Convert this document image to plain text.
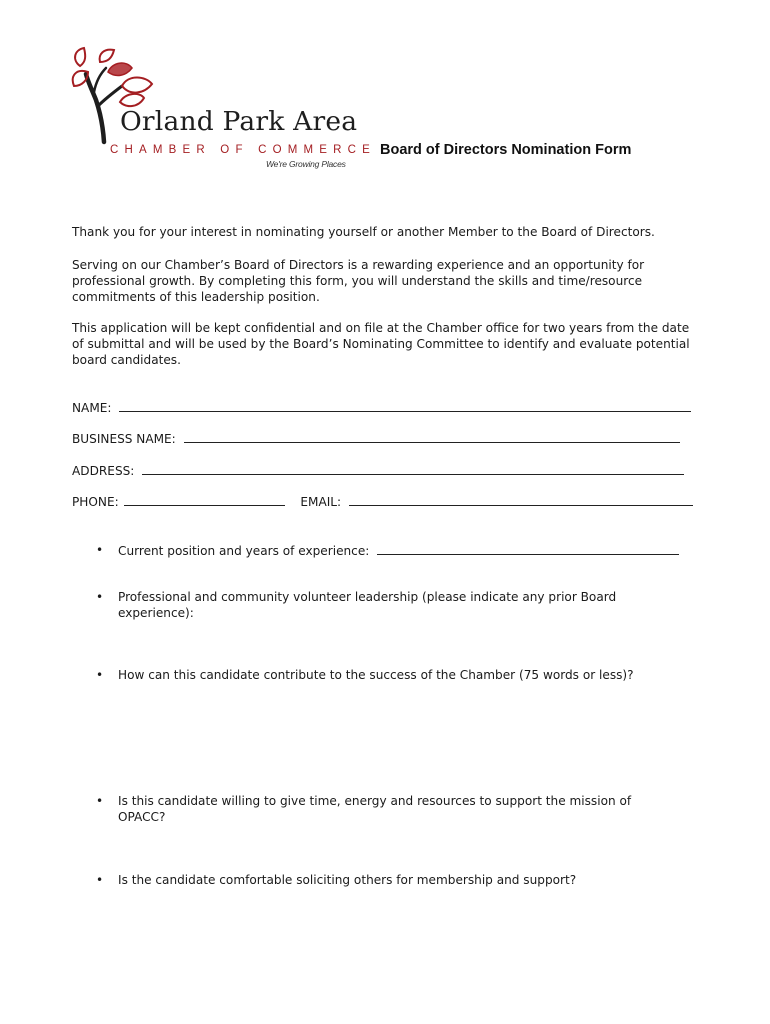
Orland Park Area
CHAMBER OF COMMERCE
We're Growing Places
Board of Directors Nomination Form
Thank you for your interest in nominating yourself or another Member to the Board of Directors.
Serving on our Chamber’s Board of Directors is a rewarding experience and an opportunity for professional growth. By completing this form, you will understand the skills and time/resource commitments of this leadership position.
This application will be kept confidential and on file at the Chamber office for two years from the date of submittal and will be used by the Board’s Nominating Committee to identify and evaluate potential board candidates.
NAME:
BUSINESS NAME:
ADDRESS:
PHONE:	EMAIL:
• Current position and years of experience:
• Professional and community volunteer leadership (please indicate any prior Board experience):
• How can this candidate contribute to the success of the Chamber (75 words or less)?
• Is this candidate willing to give time, energy and resources to support the mission of OPACC?
• Is the candidate comfortable soliciting others for membership and support?
